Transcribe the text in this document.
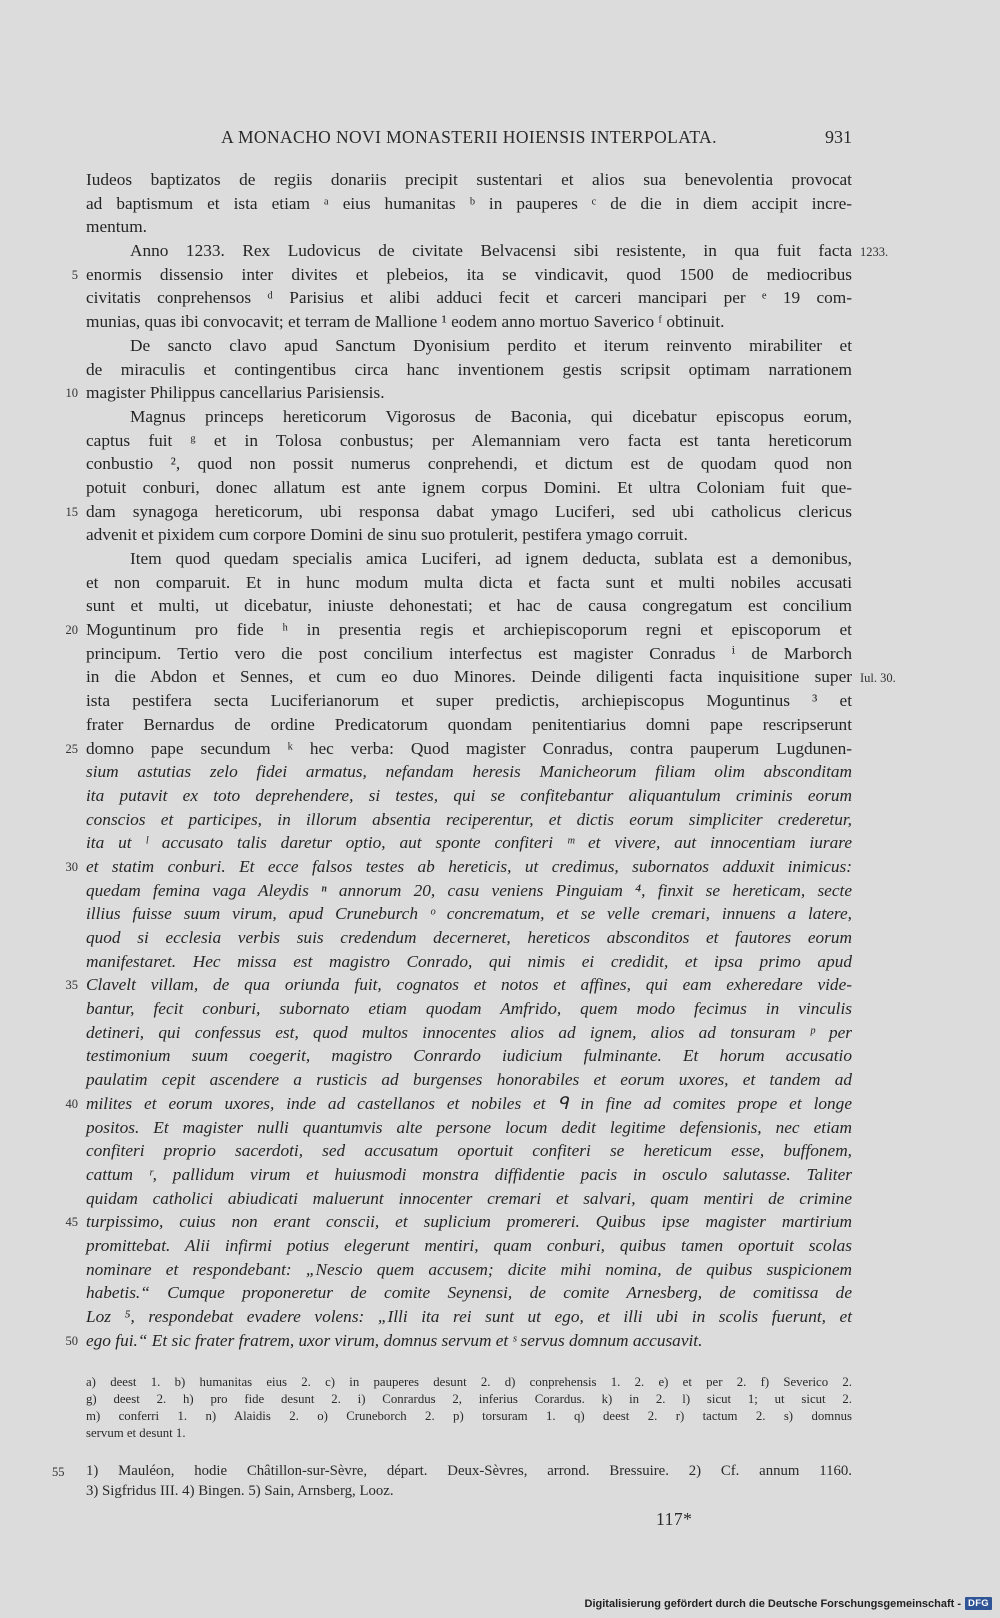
A MONACHO NOVI MONASTERII HOIENSIS INTERPOLATA.	931
Iudeos baptizatos de regiis donariis precipit sustentari et alios sua benevolentia provocat
ad baptismum et ista etiam ᵃ eius humanitas ᵇ in pauperes ᶜ de die in diem accipit incre-
mentum.
Anno 1233. Rex Ludovicus de civitate Belvacensi sibi resistente, in qua fuit facta 1233.
5 enormis dissensio inter divites et plebeios, ita se vindicavit, quod 1500 de mediocribus
civitatis conprehensos ᵈ Parisius et alibi adduci fecit et carceri mancipari per ᵉ 19 com-
munias, quas ibi convocavit; et terram de Mallione ¹ eodem anno mortuo Saverico ᶠ obtinuit.
De sancto clavo apud Sanctum Dyonisium perdito et iterum reinvento mirabiliter et
de miraculis et contingentibus circa hanc inventionem gestis scripsit optimam narrationem
10 magister Philippus cancellarius Parisiensis.
Magnus princeps hereticorum Vigorosus de Baconia, qui dicebatur episcopus eorum,
captus fuit ᵍ et in Tolosa conbustus; per Alemanniam vero facta est tanta hereticorum
conbustio ², quod non possit numerus conprehendi, et dictum est de quodam quod non
potuit conburi, donec allatum est ante ignem corpus Domini. Et ultra Coloniam fuit que-
15 dam synagoga hereticorum, ubi responsa dabat ymago Luciferi, sed ubi catholicus clericus
advenit et pixidem cum corpore Domini de sinu suo protulerit, pestifera ymago corruit.
Item quod quedam specialis amica Luciferi, ad ignem deducta, sublata est a demonibus,
et non comparuit. Et in hunc modum multa dicta et facta sunt et multi nobiles accusati
sunt et multi, ut dicebatur, iniuste dehonestati; et hac de causa congregatum est concilium
20 Moguntinum pro fide ʰ in presentia regis et archiepiscoporum regni et episcoporum et
principum. Tertio vero die post concilium interfectus est magister Conradus ⁱ de Marborch
in die Abdon et Sennes, et cum eo duo Minores. Deinde diligenti facta inquisitione super Iul. 30.
ista pestifera secta Luciferianorum et super predictis, archiepiscopus Moguntinus ³ et
frater Bernardus de ordine Predicatorum quondam penitentiarius domni pape rescripserunt
25 domno pape secundum ᵏ hec verba: Quod magister Conradus, contra pauperum Lugdunen-
sium astutias zelo fidei armatus, nefandam heresis Manicheorum filiam olim absconditam
ita putavit ex toto deprehendere, si testes, qui se confitebantur aliquantulum criminis eorum
conscios et participes, in illorum absentia reciperentur, et dictis eorum simpliciter crederetur,
ita ut ˡ accusato talis daretur optio, aut sponte confiteri ᵐ et vivere, aut innocentiam iurare
30 et statim conburi. Et ecce falsos testes ab hereticis, ut credimus, subornatos adduxit inimicus:
quedam femina vaga Aleydis ⁿ annorum 20, casu veniens Pinguiam ⁴, finxit se hereticam, secte
illius fuisse suum virum, apud Cruneburch ᵒ concrematum, et se velle cremari, innuens a latere,
quod si ecclesia verbis suis credendum decerneret, hereticos absconditos et fautores eorum
manifestaret. Hec missa est magistro Conrado, qui nimis ei credidit, et ipsa primo apud
35 Clavelt villam, de qua oriunda fuit, cognatos et notos et affines, qui eam exheredare vide-
bantur, fecit conburi, subornato etiam quodam Amfrido, quem modo fecimus in vinculis
detineri, qui confessus est, quod multos innocentes alios ad ignem, alios ad tonsuram ᵖ per
testimonium suum coegerit, magistro Conrardo iudicium fulminante. Et horum accusatio
paulatim cepit ascendere a rusticis ad burgenses honorabiles et eorum uxores, et tandem ad
40 milites et eorum uxores, inde ad castellanos et nobiles et ᑫ in fine ad comites prope et longe
positos. Et magister nulli quantumvis alte persone locum dedit legitime defensionis, nec etiam
confiteri proprio sacerdoti, sed accusatum oportuit confiteri se hereticum esse, buffonem,
cattum ʳ, pallidum virum et huiusmodi monstra diffidentie pacis in osculo salutasse. Taliter
quidam catholici abiudicati maluerunt innocenter cremari et salvari, quam mentiri de crimine
45 turpissimo, cuius non erant conscii, et suplicium promereri. Quibus ipse magister martirium
promittebat. Alii infirmi potius elegerunt mentiri, quam conburi, quibus tamen oportuit scolas
nominare et respondebant: „Nescio quem accusem; dicite mihi nomina, de quibus suspicionem
habetis.“ Cumque proponeretur de comite Seynensi, de comite Arnesberg, de comitissa de
Loz ⁵, respondebat evadere volens: „Illi ita rei sunt ut ego, et illi ubi in scolis fuerunt, et
50 ego fui.“ Et sic frater fratrem, uxor virum, domnus servum et ˢ servus domnum accusavit.
a) deest 1. b) humanitas eius 2. c) in pauperes desunt 2. d) conprehensis 1. 2. e) et per 2. f) Severico 2.
g) deest 2. h) pro fide desunt 2. i) Conrardus 2, inferius Corardus. k) in 2. l) sicut 1; ut sicut 2.
m) conferri 1. n) Alaidis 2. o) Cruneborch 2. p) torsuram 1. q) deest 2. r) tactum 2. s) domnus
servum et desunt 1.
55	1) Mauléon, hodie Châtillon-sur-Sèvre, départ. Deux-Sèvres, arrond. Bressuire. 2) Cf. annum 1160.
3) Sigfridus III. 4) Bingen. 5) Sain, Arnsberg, Looz.
117*
Digitalisierung gefördert durch die Deutsche Forschungsgemeinschaft - DFG
